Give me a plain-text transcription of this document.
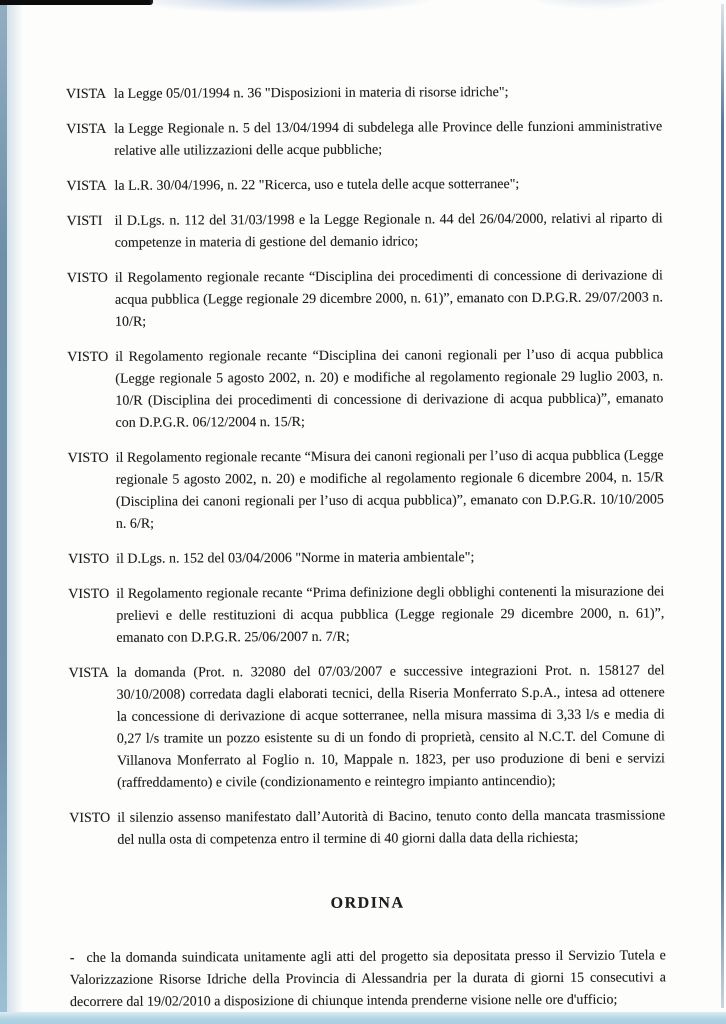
VISTA la Legge 05/01/1994 n. 36 "Disposizioni in materia di risorse idriche";

VISTA la Legge Regionale n. 5 del 13/04/1994 di subdelega alle Province delle funzioni amministrative relative alle utilizzazioni delle acque pubbliche;

VISTA la L.R. 30/04/1996, n. 22 "Ricerca, uso e tutela delle acque sotterranee";

VISTI il D.Lgs. n. 112 del 31/03/1998 e la Legge Regionale n. 44 del 26/04/2000, relativi al riparto di competenze in materia di gestione del demanio idrico;

VISTO il Regolamento regionale recante “Disciplina dei procedimenti di concessione di derivazione di acqua pubblica (Legge regionale 29 dicembre 2000, n. 61)”, emanato con D.P.G.R. 29/07/2003 n. 10/R;

VISTO il Regolamento regionale recante “Disciplina dei canoni regionali per l’uso di acqua pubblica (Legge regionale 5 agosto 2002, n. 20) e modifiche al regolamento regionale 29 luglio 2003, n. 10/R (Disciplina dei procedimenti di concessione di derivazione di acqua pubblica)”, emanato con D.P.G.R. 06/12/2004 n. 15/R;

VISTO il Regolamento regionale recante “Misura dei canoni regionali per l’uso di acqua pubblica (Legge regionale 5 agosto 2002, n. 20) e modifiche al regolamento regionale 6 dicembre 2004, n. 15/R (Disciplina dei canoni regionali per l’uso di acqua pubblica)”, emanato con D.P.G.R. 10/10/2005 n. 6/R;

VISTO il D.Lgs. n. 152 del 03/04/2006 "Norme in materia ambientale";

VISTO il Regolamento regionale recante “Prima definizione degli obblighi contenenti la misurazione dei prelievi e delle restituzioni di acqua pubblica (Legge regionale 29 dicembre 2000, n. 61)”, emanato con D.P.G.R. 25/06/2007 n. 7/R;

VISTA la domanda (Prot. n. 32080 del 07/03/2007 e successive integrazioni Prot. n. 158127 del 30/10/2008) corredata dagli elaborati tecnici, della Riseria Monferrato S.p.A., intesa ad ottenere la concessione di derivazione di acque sotterranee, nella misura massima di 3,33 l/s e media di 0,27 l/s tramite un pozzo esistente su di un fondo di proprietà, censito al N.C.T. del Comune di Villanova Monferrato al Foglio n. 10, Mappale n. 1823, per uso produzione di beni e servizi (raffreddamento) e civile (condizionamento e reintegro impianto antincendio);

VISTO il silenzio assenso manifestato dall’Autorità di Bacino, tenuto conto della mancata trasmissione del nulla osta di competenza entro il termine di 40 giorni dalla data della richiesta;

ORDINA

- che la domanda suindicata unitamente agli atti del progetto sia depositata presso il Servizio Tutela e Valorizzazione Risorse Idriche della Provincia di Alessandria per la durata di giorni 15 consecutivi a decorrere dal 19/02/2010 a disposizione di chiunque intenda prenderne visione nelle ore d'ufficio;
